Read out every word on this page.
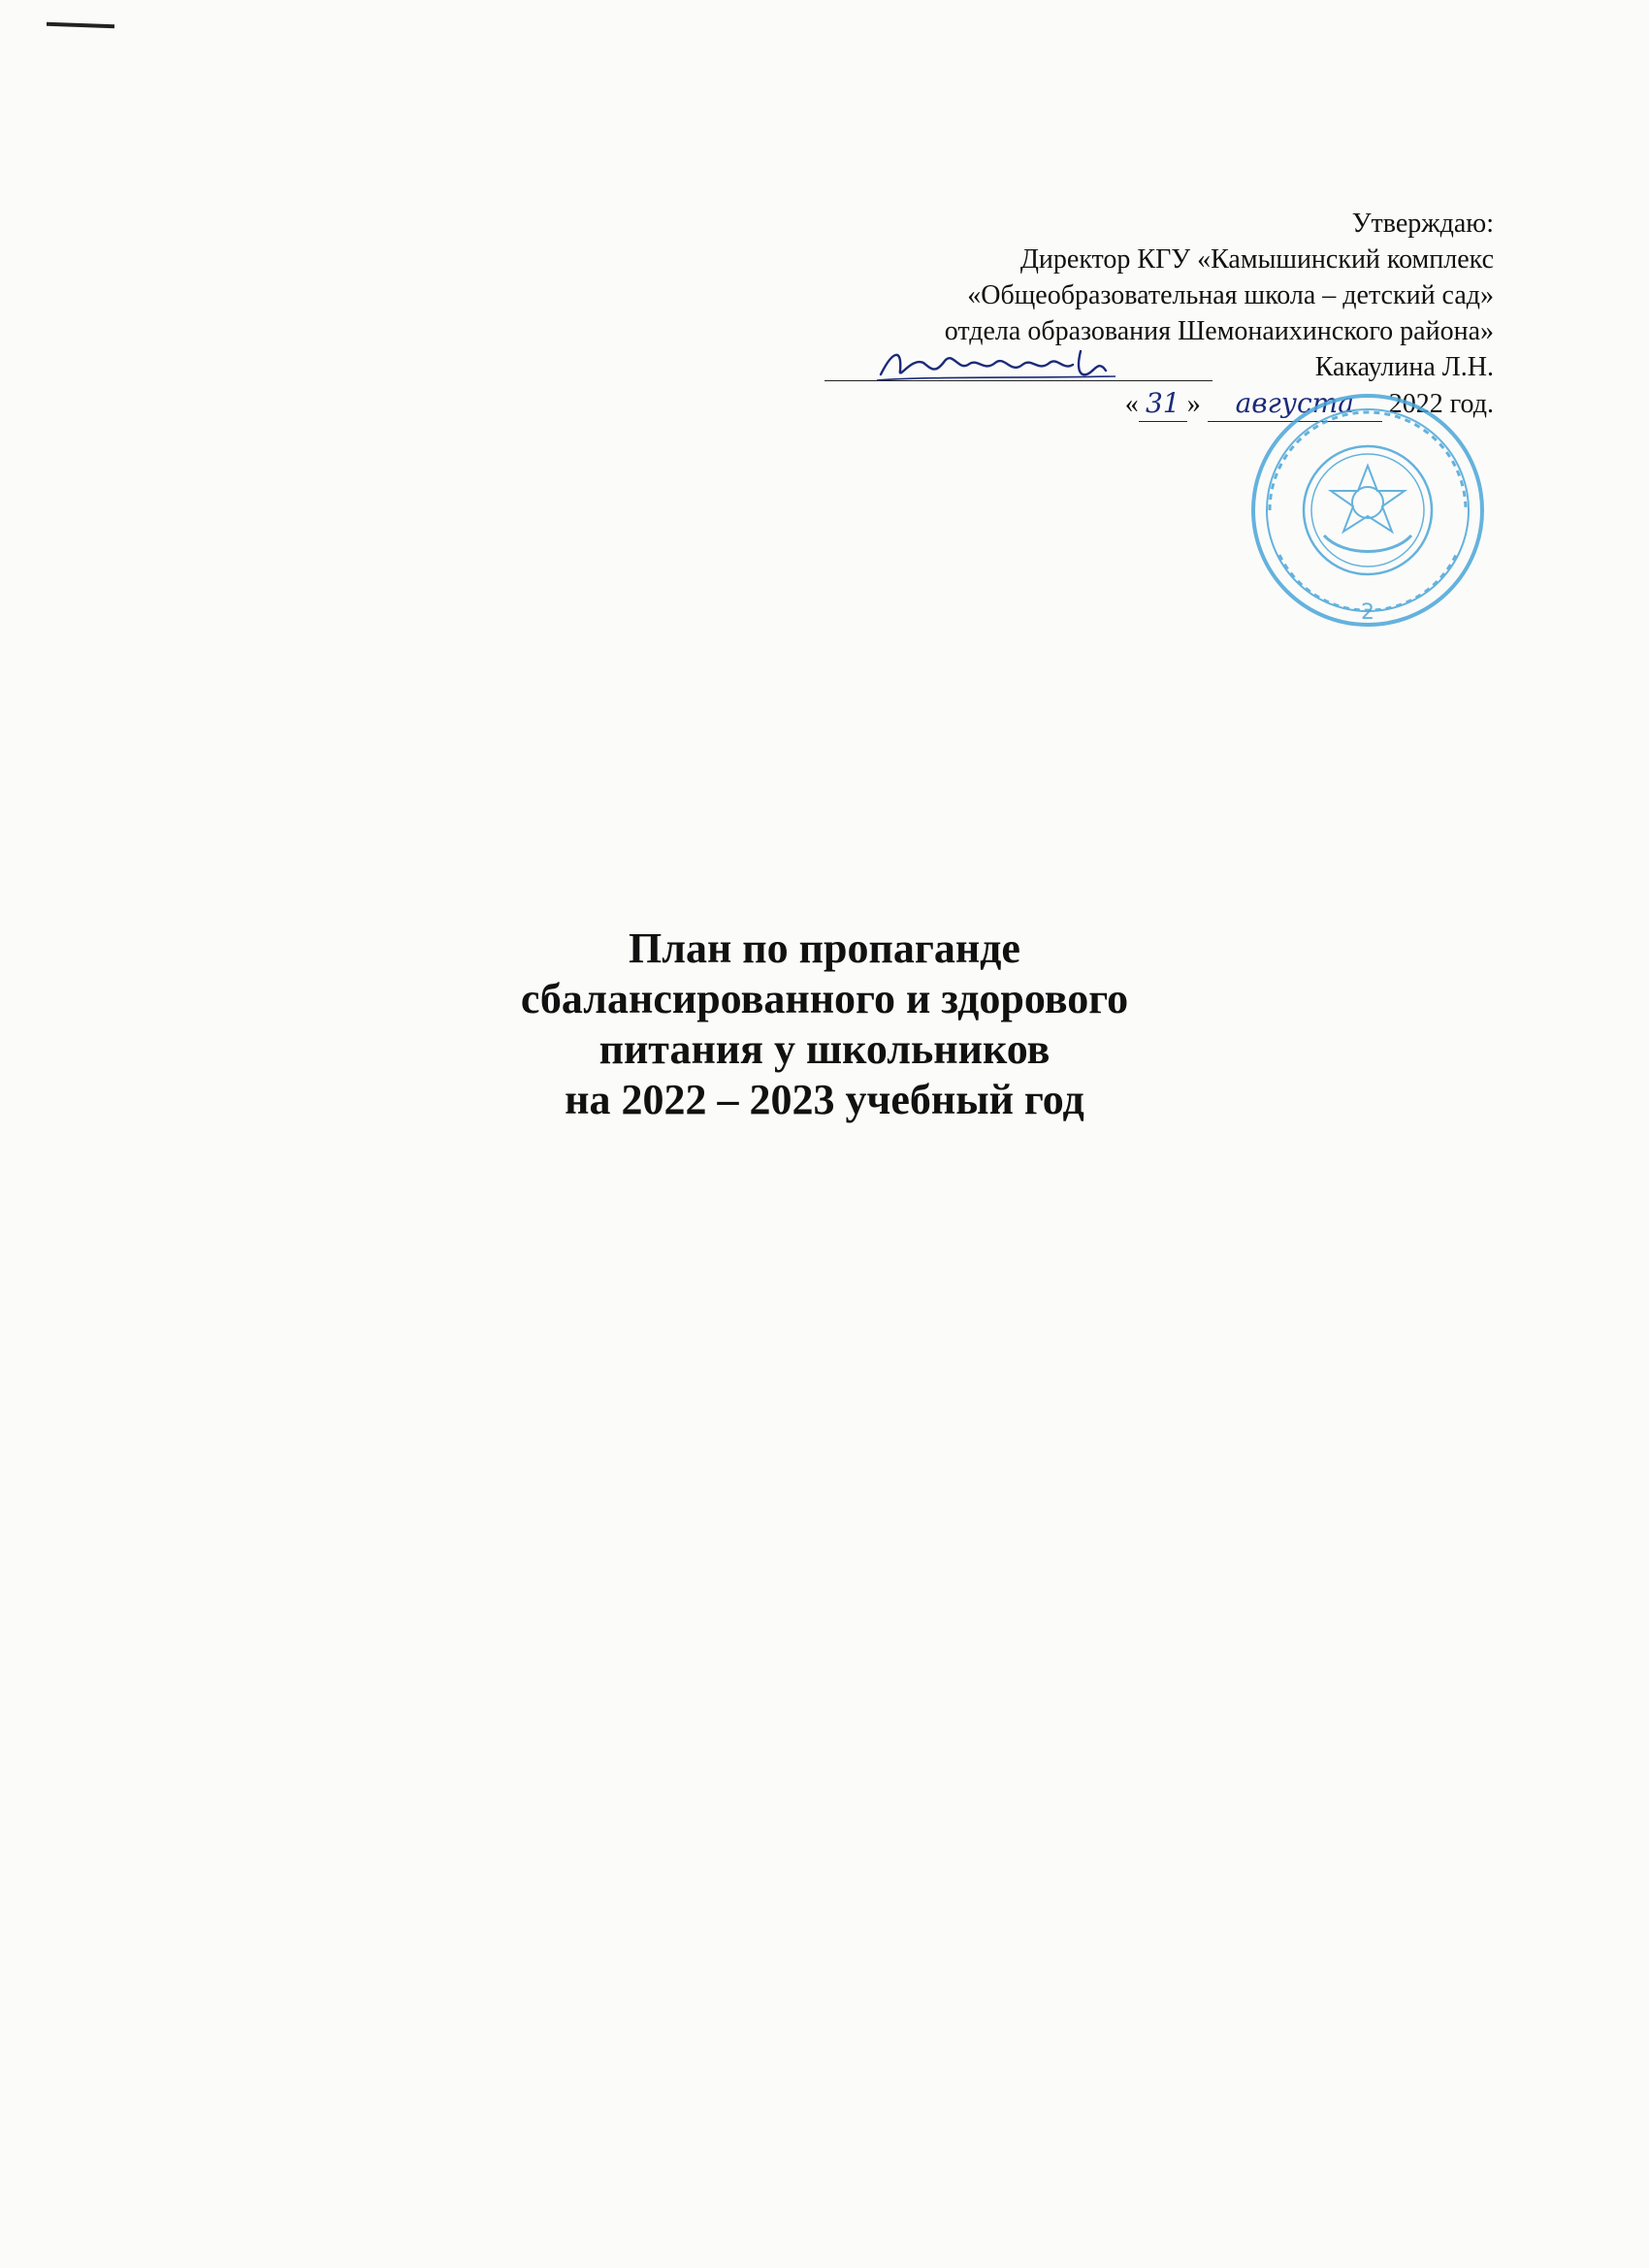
Утверждаю:
Директор КГУ «Камышинский комплекс
«Общеобразовательная школа – детский сад»
отдела образования Шемонаихинского района»
Какаулина Л.Н.
« 31 » августа 2022 год.
2
План по пропаганде
сбалансированного и здорового
питания у школьников
на 2022 – 2023 учебный год
